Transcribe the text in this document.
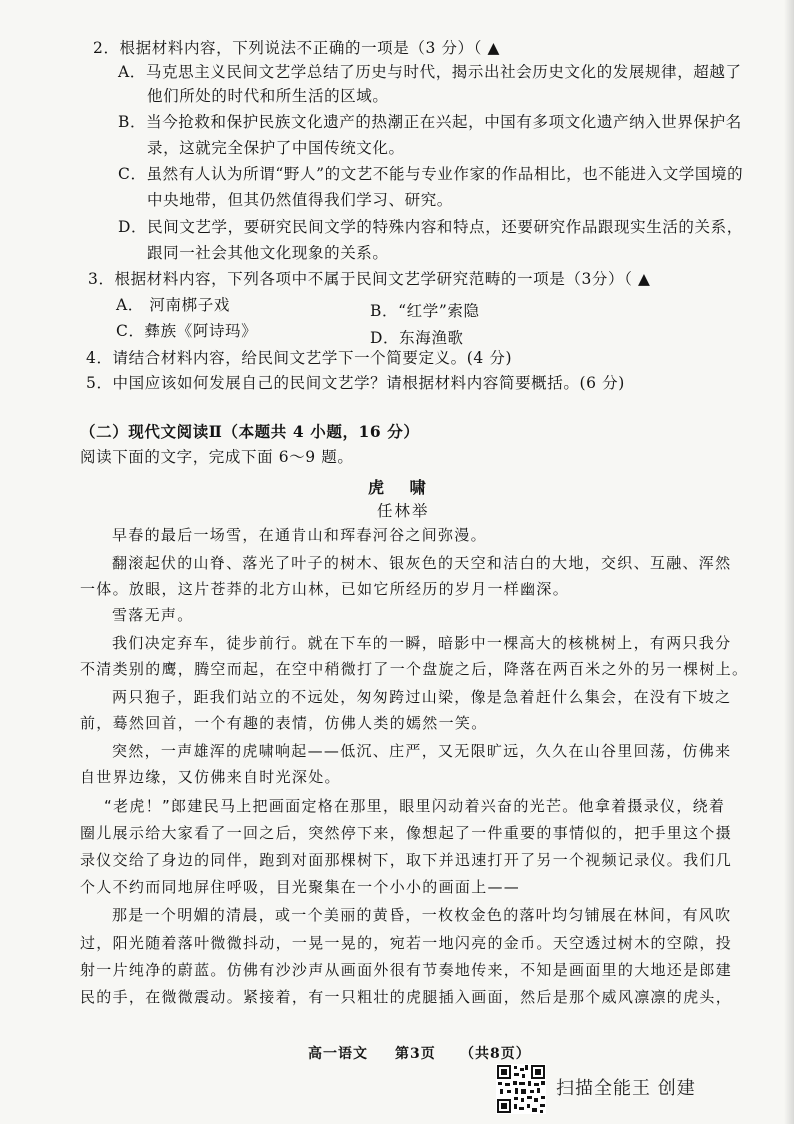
2．根据材料内容，下列说法不正确的一项是（3 分）（ ▲
A．马克思主义民间文艺学总结了历史与时代，揭示出社会历史文化的发展规律，超越了
他们所处的时代和所生活的区域。
B．当今抢救和保护民族文化遗产的热潮正在兴起，中国有多项文化遗产纳入世界保护名
录，这就完全保护了中国传统文化。
C．虽然有人认为所谓“野人”的文艺不能与专业作家的作品相比，也不能进入文学国境的
中央地带，但其仍然值得我们学习、研究。
D．民间文艺学，要研究民间文学的特殊内容和特点，还要研究作品跟现实生活的关系，
跟同一社会其他文化现象的关系。
3．根据材料内容，下列各项中不属于民间文艺学研究范畴的一项是（3分）（ ▲
A． 河南梆子戏	B．“红学”索隐
C．彝族《阿诗玛》	D．东海渔歌
4．请结合材料内容，给民间文艺学下一个简要定义。(4 分)
5．中国应该如何发展自己的民间文艺学？请根据材料内容简要概括。(6 分)
（二）现代文阅读Ⅱ（本题共 4 小题，16 分）
阅读下面的文字，完成下面 6～9 题。
虎 啸
任林举
早春的最后一场雪，在通肯山和珲春河谷之间弥漫。
翻滚起伏的山脊、落光了叶子的树木、银灰色的天空和洁白的大地，交织、互融、浑然
一体。放眼，这片苍莽的北方山林，已如它所经历的岁月一样幽深。
雪落无声。
我们决定弃车，徒步前行。就在下车的一瞬，暗影中一棵高大的核桃树上，有两只我分
不清类别的鹰，腾空而起，在空中稍微打了一个盘旋之后，降落在两百米之外的另一棵树上。
两只狍子，距我们站立的不远处，匆匆跨过山梁，像是急着赶什么集会，在没有下坡之
前，蓦然回首，一个有趣的表情，仿佛人类的嫣然一笑。
突然，一声雄浑的虎啸响起——低沉、庄严，又无限旷远，久久在山谷里回荡，仿佛来
自世界边缘，又仿佛来自时光深处。
“老虎！”郎建民马上把画面定格在那里，眼里闪动着兴奋的光芒。他拿着摄录仪，绕着
圈儿展示给大家看了一回之后，突然停下来，像想起了一件重要的事情似的，把手里这个摄
录仪交给了身边的同伴，跑到对面那棵树下，取下并迅速打开了另一个视频记录仪。我们几
个人不约而同地屏住呼吸，目光聚集在一个小小的画面上——
那是一个明媚的清晨，或一个美丽的黄昏，一枚枚金色的落叶均匀铺展在林间，有风吹
过，阳光随着落叶微微抖动，一晃一晃的，宛若一地闪亮的金币。天空透过树木的空隙，投
射一片纯净的蔚蓝。仿佛有沙沙声从画面外很有节奏地传来，不知是画面里的大地还是郎建
民的手，在微微震动。紧接着，有一只粗壮的虎腿插入画面，然后是那个威风凛凛的虎头，
高一语文 第3页 （共8页）
扫描全能王 创建
